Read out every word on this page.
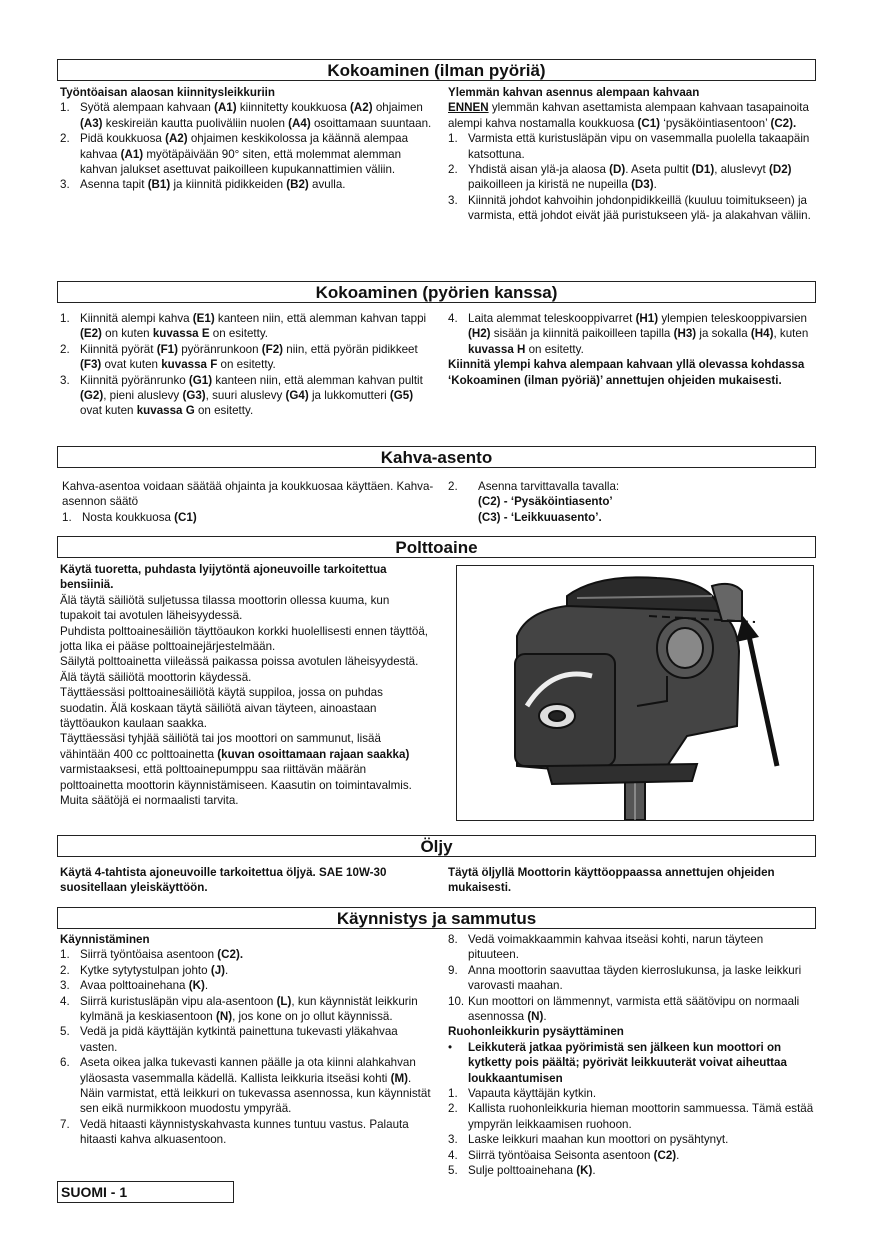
Kokoaminen (ilman pyöriä)

Työntöaisan alaosan kiinnitysleikkuriin

1. Syötä alempaan kahvaan (A1) kiinnitetty koukkuosa (A2) ohjaimen (A3) keskireiän kautta puoliväliin nuolen (A4) osoittamaan suuntaan.
2. Pidä koukkuosa (A2) ohjaimen keskikolossa ja käännä alempaa kahvaa (A1) myötäpäivään 90° siten, että molemmat alemman kahvan jalukset asettuvat paikoilleen kupukannattimien väliin.
3. Asenna tapit (B1) ja kiinnitä pidikkeiden (B2) avulla.

Ylemmän kahvan asennus alempaan kahvaan

ENNEN ylemmän kahvan asettamista alempaan kahvaan tasapainoita alempi kahva nostamalla koukkuosa (C1) ‘pysäköintiasentoon’ (C2).

1. Varmista että kuristusläpän vipu on vasemmalla puolella takaapäin katsottuna.
2. Yhdistä aisan ylä-ja alaosa (D). Aseta pultit (D1), aluslevyt (D2) paikoilleen ja kiristä ne nupeilla (D3).
3. Kiinnitä johdot kahvoihin johdonpidikkeillä (kuuluu toimitukseen) ja varmista, että johdot eivät jää puristukseen ylä- ja alakahvan väliin.
Kokoaminen (pyörien kanssa)
1. Kiinnitä alempi kahva (E1) kanteen niin, että alemman kahvan tappi (E2) on kuten kuvassa E on esitetty.
2. Kiinnitä pyörät (F1) pyöränrunkoon (F2) niin, että pyörän pidikkeet (F3) ovat kuten kuvassa F on esitetty.
3. Kiinnitä pyöränrunko (G1) kanteen niin, että alemman kahvan pultit (G2), pieni aluslevy (G3), suuri aluslevy (G4) ja lukkomutteri (G5) ovat kuten kuvassa G on esitetty.
4. Laita alemmat teleskooppivarret (H1) ylempien teleskooppivarsien (H2) sisään ja kiinnitä paikoilleen tapilla (H3) ja sokalla (H4), kuten kuvassa H on esitetty.

Kiinnitä ylempi kahva alempaan kahvaan yllä olevassa kohdassa ‘Kokoaminen (ilman pyöriä)’ annettujen ohjeiden mukaisesti.

Kahva-asento

Kahva-asentoa voidaan säätää ohjainta ja koukkuosaa käyttäen. Kahva-asennon säätö

1. Nosta koukkuosa (C1)
2. Asenna tarvittavalla tavalla:

(C2) - ‘Pysäköintiasento’

(C3) - ‘Leikkuuasento’.

Polttoaine

Käytä tuoretta, puhdasta lyijytöntä ajoneuvoille tarkoitettua bensiiniä.

Älä täytä säiliötä suljetussa tilassa moottorin ollessa kuuma, kun tupakoit tai avotulen läheisyydessä.

Puhdista polttoainesäiliön täyttöaukon korkki huolellisesti ennen täyttöä, jotta lika ei pääse polttoainejärjestelmään.

Säilytä polttoainetta viileässä paikassa poissa avotulen läheisyydestä. Älä täytä säiliötä moottorin käydessä.

Täyttäessäsi polttoainesäiliötä käytä suppiloa, jossa on puhdas suodatin. Älä koskaan täytä säiliötä aivan täyteen, ainoastaan täyttöaukon kaulaan saakka.

Täyttäessäsi tyhjää säiliötä tai jos moottori on sammunut, lisää vähintään 400 cc polttoainetta (kuvan osoittamaan rajaan saakka) varmistaaksesi, että polttoainepumppu saa riittävän määrän polttoainetta moottorin käynnistämiseen. Kaasutin on toimintavalmis. Muita säätöjä ei normaalisti tarvita.

Öljy

Käytä 4-tahtista ajoneuvoille tarkoitettua öljyä. SAE 10W-30 suositellaan yleiskäyttöön.

Täytä öljyllä Moottorin käyttöoppaassa annettujen ohjeiden mukaisesti.

Käynnistys ja sammutus

Käynnistäminen

1. Siirrä työntöaisa asentoon (C2).
2. Kytke sytytystulpan johto (J).
3. Avaa polttoainehana (K).
4. Siirrä kuristusläpän vipu ala-asentoon (L), kun käynnistät leikkurin kylmänä ja keskiasentoon (N), jos kone on jo ollut käynnissä.
5. Vedä ja pidä käyttäjän kytkintä painettuna tukevasti yläkahvaa vasten.
6. Aseta oikea jalka tukevasti kannen päälle ja ota kiinni alahkahvan yläosasta vasemmalla kädellä. Kallista leikkuria itseäsi kohti (M). Näin varmistat, että leikkuri on tukevassa asennossa, kun käynnistät sen eikä nurmikkoon muodostu ympyrää.
7. Vedä hitaasti käynnistyskahvasta kunnes tuntuu vastus. Palauta hitaasti kahva alkuasentoon.
8. Vedä voimakkaammin kahvaa itseäsi kohti, narun täyteen pituuteen.
9. Anna moottorin saavuttaa täyden kierroslukunsa, ja laske leikkuri varovasti maahan.
10. Kun moottori on lämmennyt, varmista että säätövipu on normaali asennossa (N).

Ruohonleikkurin pysäyttäminen

• Leikkuterä jatkaa pyörimistä sen jälkeen kun moottori on kytketty pois päältä; pyörivät leikkuuterät voivat aiheuttaa loukkaantumisen
1. Vapauta käyttäjän kytkin.
2. Kallista ruohonleikkuria hieman moottorin sammuessa. Tämä estää ympyrän leikkaamisen ruohoon.
3. Laske leikkuri maahan kun moottori on pysähtynyt.
4. Siirrä työntöaisa Seisonta asentoon (C2).
5. Sulje polttoainehana (K).
SUOMI - 1
